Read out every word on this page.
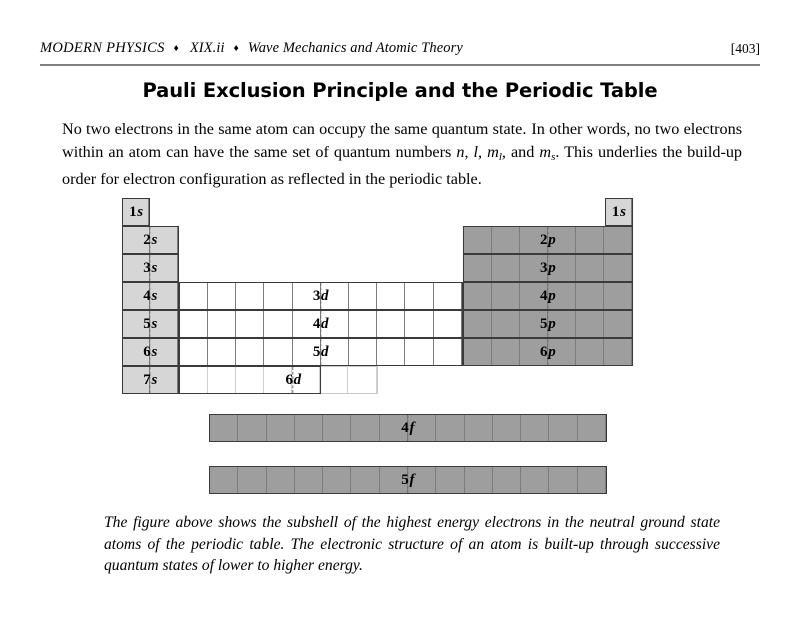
MODERN PHYSICS ♦ XIX.ii ♦ Wave Mechanics and Atomic Theory	[403]
Pauli Exclusion Principle and the Periodic Table
No two electrons in the same atom can occupy the same quantum state. In other words, no two electrons within an atom can have the same set of quantum numbers n, l, $m_l$, and $m_s$. This underlies the build-up order for electron configuration as reflected in the periodic table.
1s	1s
2s
3s
4s
5s
6s
7s
2p
3p
4p
5p
6p
3d
4d
5d
6d
4f
5f
The figure above shows the subshell of the highest energy electrons in the neutral ground state atoms of the periodic table. The electronic structure of an atom is built-up through successive quantum states of lower to higher energy.
